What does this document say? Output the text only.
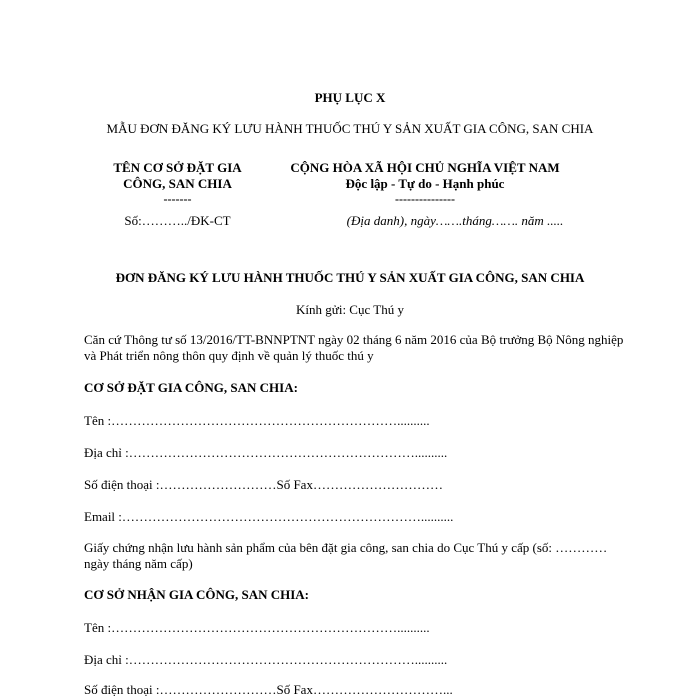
PHỤ LỤC X
MẪU ĐƠN ĐĂNG KÝ LƯU HÀNH THUỐC THÚ Y SẢN XUẤT GIA CÔNG, SAN CHIA
TÊN CƠ SỞ ĐẶT GIA
CÔNG, SAN CHIA
-------
Số:………../ĐK-CT
CỘNG HÒA XÃ HỘI CHỦ NGHĨA VIỆT NAM
Độc lập - Tự do - Hạnh phúc
---------------
(Địa danh), ngày…….tháng……. năm .....
ĐƠN ĐĂNG KÝ LƯU HÀNH THUỐC THÚ Y SẢN XUẤT GIA CÔNG, SAN CHIA
Kính gửi: Cục Thú y
Căn cứ Thông tư số 13/2016/TT-BNNPTNT ngày 02 tháng 6 năm 2016 của Bộ trưởng Bộ Nông nghiệp và Phát triển nông thôn quy định về quản lý thuốc thú y
CƠ SỞ ĐẶT GIA CÔNG, SAN CHIA:
Tên :…………………………………………………………..........
Địa chỉ :…………………………………………………………..........
Số điện thoại :………………………Số Fax…………………………
Email :……………………………………………………………..........
Giấy chứng nhận lưu hành sản phẩm của bên đặt gia công, san chia do Cục Thú y cấp (số: …………ngày tháng năm cấp)
CƠ SỞ NHẬN GIA CÔNG, SAN CHIA:
Tên :…………………………………………………………..........
Địa chỉ :…………………………………………………………..........
Số điện thoại :………………………Số Fax…………………………...
